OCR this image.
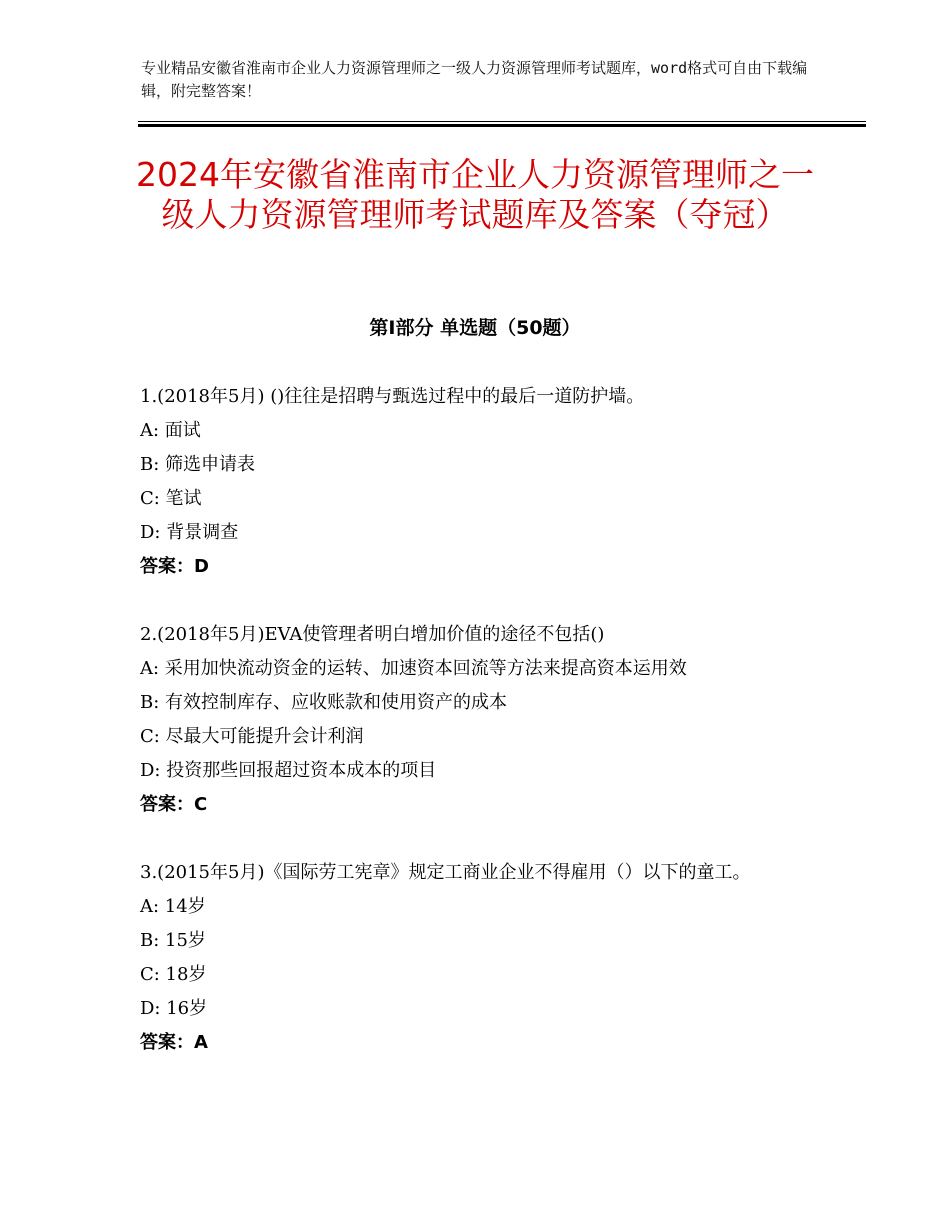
专业精品安徽省淮南市企业人力资源管理师之一级人力资源管理师考试题库，word格式可自由下载编辑，附完整答案！
2024年安徽省淮南市企业人力资源管理师之一级人力资源管理师考试题库及答案（夺冠）
第I部分 单选题（50题）

1.(2018年5月) ()往往是招聘与甄选过程中的最后一道防护墙。

A: 面试

B: 筛选申请表

C: 笔试

D: 背景调查

答案：D

2.(2018年5月)EVA使管理者明白增加价值的途径不包括()

A: 采用加快流动资金的运转、加速资本回流等方法来提高资本运用效

B: 有效控制库存、应收账款和使用资产的成本

C: 尽最大可能提升会计利润

D: 投资那些回报超过资本成本的项目

答案：C

3.(2015年5月)《国际劳工宪章》规定工商业企业不得雇用（）以下的童工。

A: 14岁

B: 15岁

C: 18岁

D: 16岁

答案：A
